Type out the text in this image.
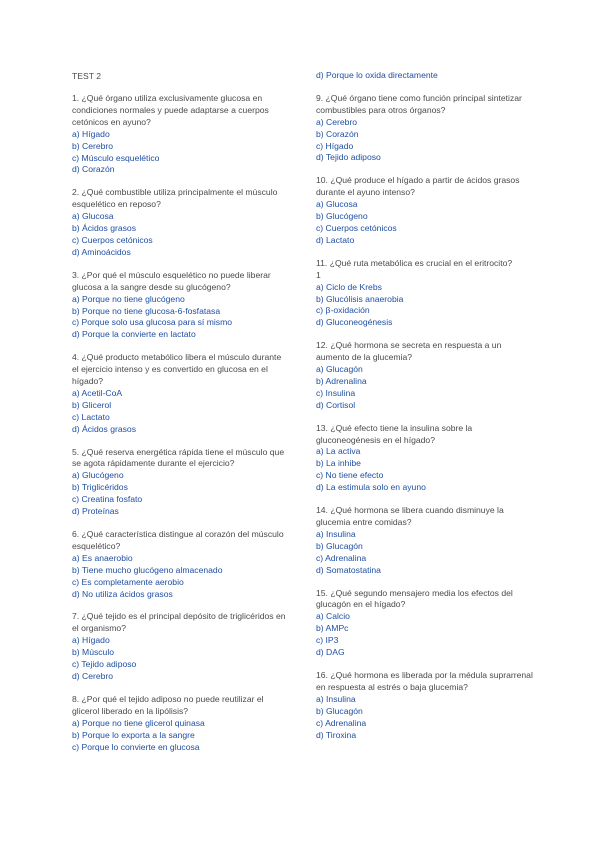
TEST 2
1. ¿Qué órgano utiliza exclusivamente glucosa en condiciones normales y puede adaptarse a cuerpos cetónicos en ayuno?
a) Hígado
b) Cerebro
c) Músculo esquelético
d) Corazón
2. ¿Qué combustible utiliza principalmente el músculo esquelético en reposo?
a) Glucosa
b) Ácidos grasos
c) Cuerpos cetónicos
d) Aminoácidos
3. ¿Por qué el músculo esquelético no puede liberar glucosa a la sangre desde su glucógeno?
a) Porque no tiene glucógeno
b) Porque no tiene glucosa-6-fosfatasa
c) Porque solo usa glucosa para sí mismo
d) Porque la convierte en lactato
4. ¿Qué producto metabólico libera el músculo durante el ejercicio intenso y es convertido en glucosa en el hígado?
a) Acetil-CoA
b) Glicerol
c) Lactato
d) Ácidos grasos
5. ¿Qué reserva energética rápida tiene el músculo que se agota rápidamente durante el ejercicio?
a) Glucógeno
b) Triglicéridos
c) Creatina fosfato
d) Proteínas
6. ¿Qué característica distingue al corazón del músculo esquelético?
a) Es anaerobio
b) Tiene mucho glucógeno almacenado
c) Es completamente aerobio
d) No utiliza ácidos grasos
7. ¿Qué tejido es el principal depósito de triglicéridos en el organismo?
a) Hígado
b) Músculo
c) Tejido adiposo
d) Cerebro
8. ¿Por qué el tejido adiposo no puede reutilizar el glicerol liberado en la lipólisis?
a) Porque no tiene glicerol quinasa
b) Porque lo exporta a la sangre
c) Porque lo convierte en glucosa
d) Porque lo oxida directamente
9. ¿Qué órgano tiene como función principal sintetizar combustibles para otros órganos?
a) Cerebro
b) Corazón
c) Hígado
d) Tejido adiposo
10. ¿Qué produce el hígado a partir de ácidos grasos durante el ayuno intenso?
a) Glucosa
b) Glucógeno
c) Cuerpos cetónicos
d) Lactato
11. ¿Qué ruta metabólica es crucial en el eritrocito?
1
a) Ciclo de Krebs
b) Glucólisis anaerobia
c) β-oxidación
d) Gluconeogénesis
12. ¿Qué hormona se secreta en respuesta a un aumento de la glucemia?
a) Glucagón
b) Adrenalina
c) Insulina
d) Cortisol
13. ¿Qué efecto tiene la insulina sobre la gluconeogénesis en el hígado?
a) La activa
b) La inhibe
c) No tiene efecto
d) La estimula solo en ayuno
14. ¿Qué hormona se libera cuando disminuye la glucemia entre comidas?
a) Insulina
b) Glucagón
c) Adrenalina
d) Somatostatina
15. ¿Qué segundo mensajero media los efectos del glucagón en el hígado?
a) Calcio
b) AMPc
c) IP3
d) DAG
16. ¿Qué hormona es liberada por la médula suprarrenal en respuesta al estrés o baja glucemia?
a) Insulina
b) Glucagón
c) Adrenalina
d) Tiroxina
